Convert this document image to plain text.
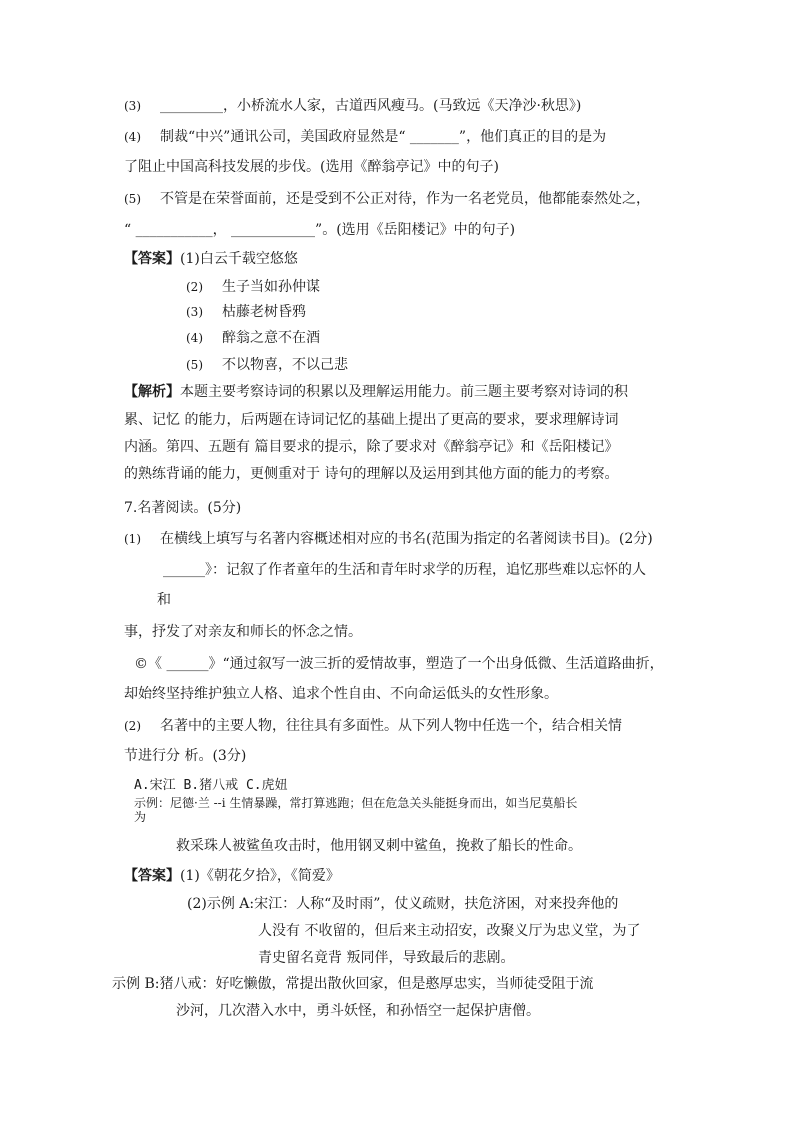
(3) _________，小桥流水人家，古道西风瘦马。(马致远《天净沙·秋思》)
(4) 制裁“中兴”通讯公司，美国政府显然是“ _______”，他们真正的目的是为
了阻止中国高科技发展的步伐。(选用《醉翁亭记》中的句子)
(5) 不管是在荣誉面前，还是受到不公正对待，作为一名老党员，他都能泰然处之，
“ ___________， ____________”。(选用《岳阳楼记》中的句子)
【答案】(1)白云千载空悠悠
(2) 生子当如孙仲谋
(3) 枯藤老树昏鸦
(4) 醉翁之意不在酒
(5) 不以物喜，不以己悲
【解析】本题主要考察诗词的积累以及理解运用能力。前三题主要考察对诗词的积
累、记忆 的能力，后两题在诗词记忆的基础上提出了更高的要求，要求理解诗词
内涵。第四、五题有 篇目要求的提示，除了要求对《醉翁亭记》和《岳阳楼记》
的熟练背诵的能力，更侧重对于 诗句的理解以及运用到其他方面的能力的考察。
7.名著阅读。(5分)
(1) 在横线上填写与名著内容概述相对应的书名(范围为指定的名著阅读书目)。(2分)
______》：记叙了作者童年的生活和青年时求学的历程，追忆那些难以忘怀的人
和
事，抒发了对亲友和师长的怀念之情。
©《 ______》“通过叙写一波三折的爱情故事，塑造了一个出身低微、生活道路曲折，
却始终坚持维护独立人格、追求个性自由、不向命运低头的女性形象。
(2) 名著中的主要人物，往往具有多面性。从下列人物中任选一个，结合相关情
节进行分 析。(3分)
A.宋江 B.猪八戒 C.虎妞
示例：尼德·兰 --i 生情暴躁，常打算逃跑；但在危急关头能挺身而出，如当尼莫船长
为
救采珠人被鲨鱼攻击时，他用钢叉刺中鲨鱼，挽救了船长的性命。
【答案】(1)《朝花夕拾》，《简爱》
(2)示例 A:宋江：人称“及时雨”，仗义疏财，扶危济困，对来投奔他的
人没有 不收留的，但后来主动招安，改聚义厅为忠义堂，为了
青史留名竟背 叛同伴，导致最后的悲剧。
示例 B:猪八戒：好吃懒傲，常提出散伙回家，但是憨厚忠实，当师徒受阻于流
沙河，几次潜入水中，勇斗妖怪，和孙悟空一起保护唐僧。
